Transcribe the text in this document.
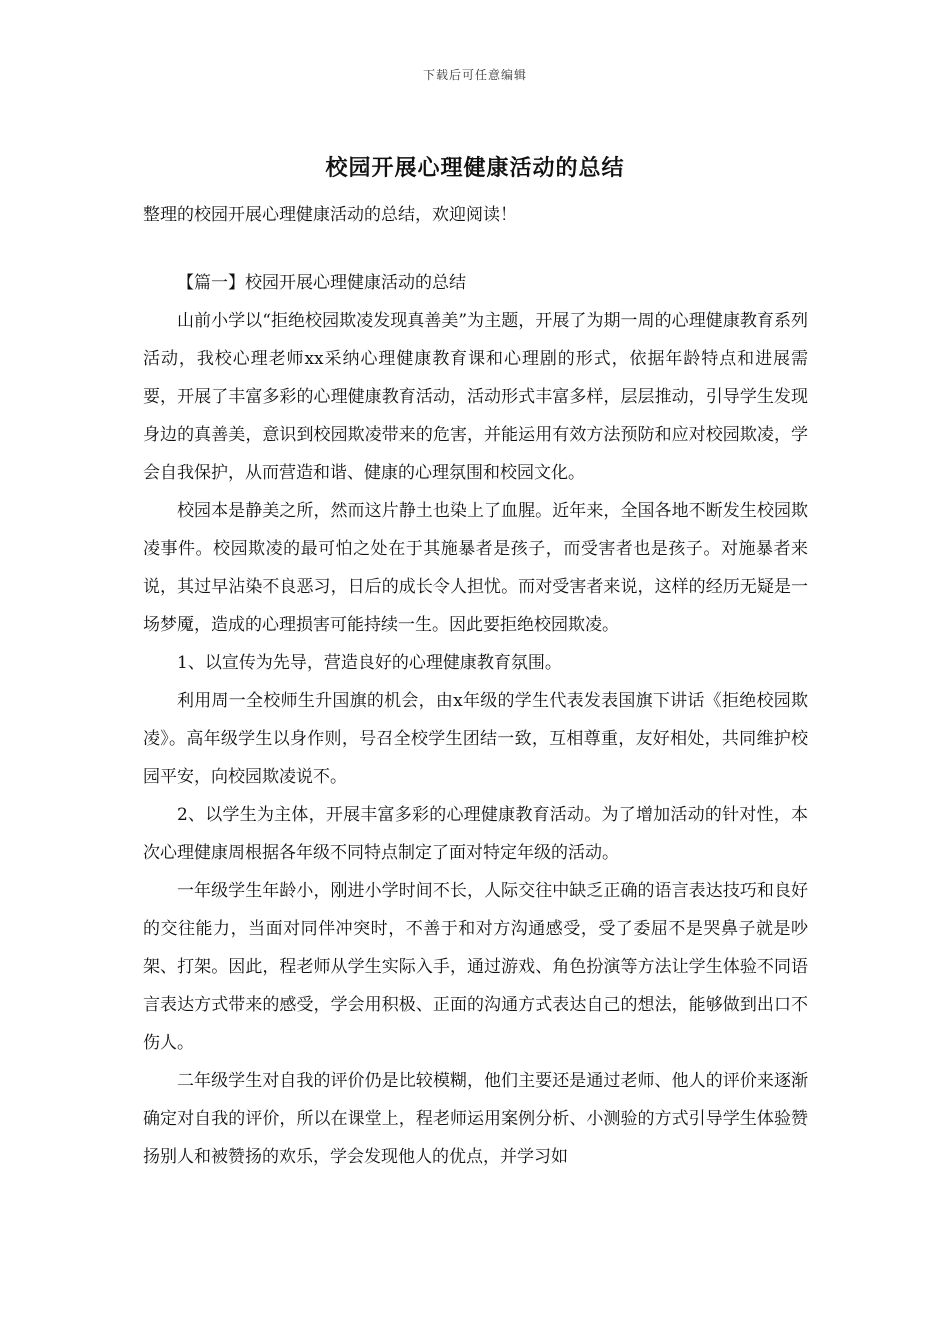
下载后可任意编辑
校园开展心理健康活动的总结
整理的校园开展心理健康活动的总结，欢迎阅读！

【篇一】校园开展心理健康活动的总结

山前小学以“拒绝校园欺凌发现真善美”为主题，开展了为期一周的心理健康教育系列活动，我校心理老师xx采纳心理健康教育课和心理剧的形式，依据年龄特点和进展需要，开展了丰富多彩的心理健康教育活动，活动形式丰富多样，层层推动，引导学生发现身边的真善美，意识到校园欺凌带来的危害，并能运用有效方法预防和应对校园欺凌，学会自我保护，从而营造和谐、健康的心理氛围和校园文化。

校园本是静美之所，然而这片静土也染上了血腥。近年来，全国各地不断发生校园欺凌事件。校园欺凌的最可怕之处在于其施暴者是孩子，而受害者也是孩子。对施暴者来说，其过早沾染不良恶习，日后的成长令人担忧。而对受害者来说，这样的经历无疑是一场梦魇，造成的心理损害可能持续一生。因此要拒绝校园欺凌。

1、以宣传为先导，营造良好的心理健康教育氛围。

利用周一全校师生升国旗的机会，由x年级的学生代表发表国旗下讲话《拒绝校园欺凌》。高年级学生以身作则，号召全校学生团结一致，互相尊重，友好相处，共同维护校园平安，向校园欺凌说不。

2、以学生为主体，开展丰富多彩的心理健康教育活动。为了增加活动的针对性，本次心理健康周根据各年级不同特点制定了面对特定年级的活动。

一年级学生年龄小，刚进小学时间不长，人际交往中缺乏正确的语言表达技巧和良好的交往能力，当面对同伴冲突时，不善于和对方沟通感受，受了委屈不是哭鼻子就是吵架、打架。因此，程老师从学生实际入手，通过游戏、角色扮演等方法让学生体验不同语言表达方式带来的感受，学会用积极、正面的沟通方式表达自己的想法，能够做到出口不伤人。

二年级学生对自我的评价仍是比较模糊，他们主要还是通过老师、他人的评价来逐渐确定对自我的评价，所以在课堂上，程老师运用案例分析、小测验的方式引导学生体验赞扬别人和被赞扬的欢乐，学会发现他人的优点，并学习如
